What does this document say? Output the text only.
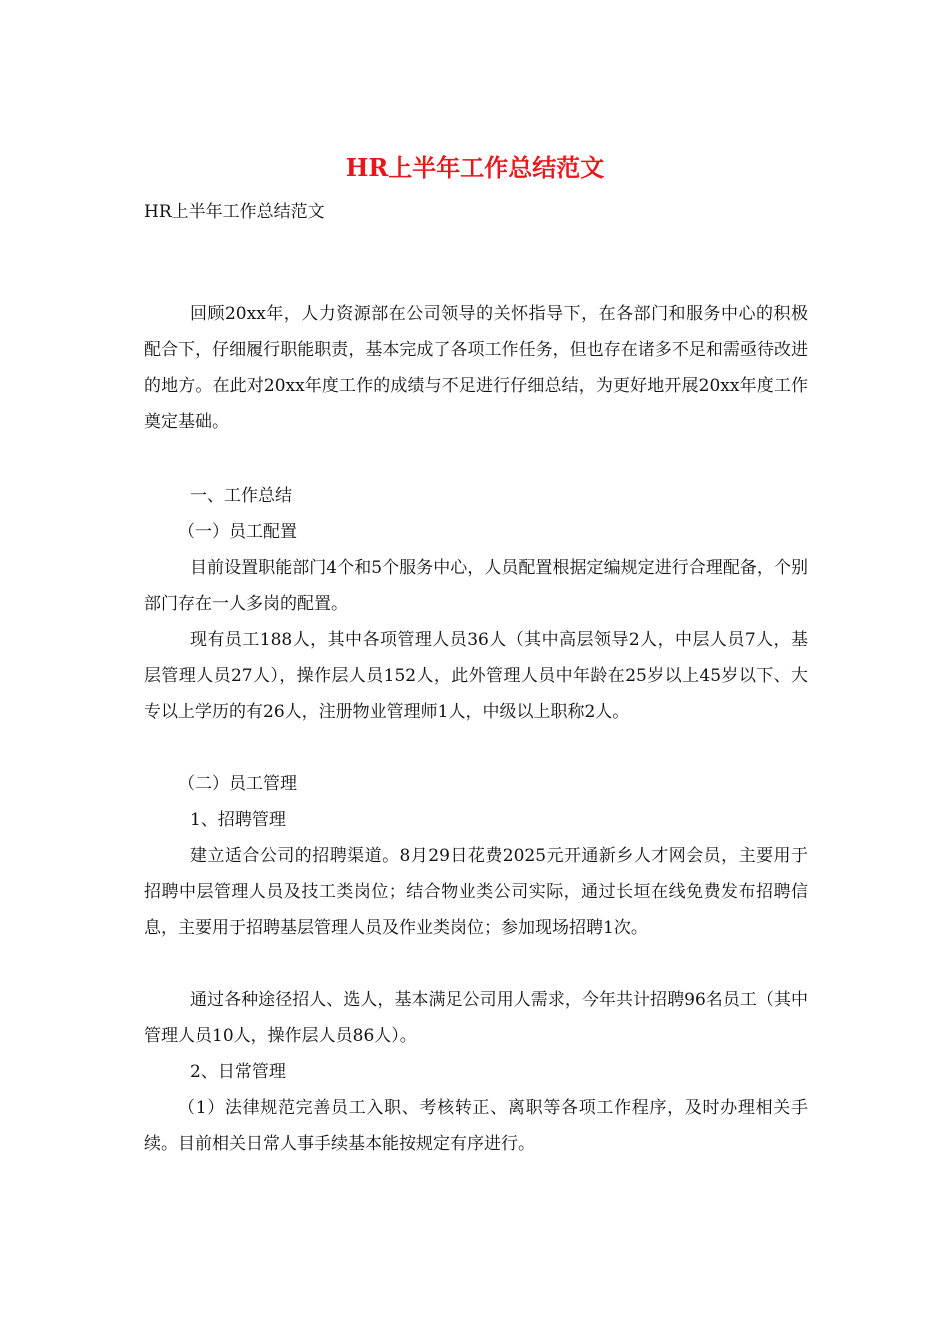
HR上半年工作总结范文

HR上半年工作总结范文

回顾20xx年，人力资源部在公司领导的关怀指导下，在各部门和服务中心的积极配合下，仔细履行职能职责，基本完成了各项工作任务，但也存在诸多不足和需亟待改进的地方。在此对20xx年度工作的成绩与不足进行仔细总结，为更好地开展20xx年度工作奠定基础。

一、工作总结

（一）员工配置

目前设置职能部门4个和5个服务中心，人员配置根据定编规定进行合理配备，个别部门存在一人多岗的配置。

现有员工188人，其中各项管理人员36人（其中高层领导2人，中层人员7人，基层管理人员27人），操作层人员152人，此外管理人员中年龄在25岁以上45岁以下、大专以上学历的有26人，注册物业管理师1人，中级以上职称2人。

（二）员工管理

1、招聘管理

建立适合公司的招聘渠道。8月29日花费2025元开通新乡人才网会员，主要用于招聘中层管理人员及技工类岗位；结合物业类公司实际，通过长垣在线免费发布招聘信息，主要用于招聘基层管理人员及作业类岗位；参加现场招聘1次。

通过各种途径招人、选人，基本满足公司用人需求，今年共计招聘96名员工（其中管理人员10人，操作层人员86人）。

2、日常管理

（1）法律规范完善员工入职、考核转正、离职等各项工作程序，及时办理相关手续。目前相关日常人事手续基本能按规定有序进行。
